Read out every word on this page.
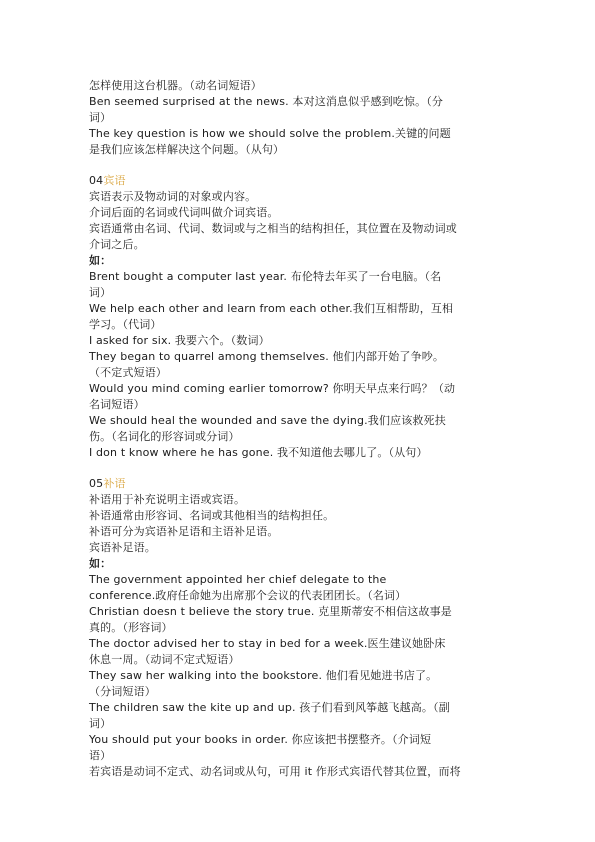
怎样使用这台机器。（动名词短语）
Ben seemed surprised at the news. 本对这消息似乎感到吃惊。（分
词）
The key question is how we should solve the problem.关键的问题
是我们应该怎样解决这个问题。（从句）
04宾语
宾语表示及物动词的对象或内容。
介词后面的名词或代词叫做介词宾语。
宾语通常由名词、代词、数词或与之相当的结构担任，其位置在及物动词或
介词之后。
如：
Brent bought a computer last year. 布伦特去年买了一台电脑。（名
词）
We help each other and learn from each other.我们互相帮助，互相
学习。（代词）
I asked for six. 我要六个。（数词）
They began to quarrel among themselves. 他们内部开始了争吵。
（不定式短语）
Would you mind coming earlier tomorrow? 你明天早点来行吗？（动
名词短语）
We should heal the wounded and save the dying.我们应该救死扶
伤。（名词化的形容词或分词）
I don t know where he has gone. 我不知道他去哪儿了。（从句）
05补语
补语用于补充说明主语或宾语。
补语通常由形容词、名词或其他相当的结构担任。
补语可分为宾语补足语和主语补足语。
宾语补足语。
如：
The government appointed her chief delegate to the
conference.政府任命她为出席那个会议的代表团团长。（名词）
Christian doesn t believe the story true. 克里斯蒂安不相信这故事是
真的。（形容词）
The doctor advised her to stay in bed for a week.医生建议她卧床
休息一周。（动词不定式短语）
They saw her walking into the bookstore. 他们看见她进书店了。
（分词短语）
The children saw the kite up and up. 孩子们看到风筝越飞越高。（副
词）
You should put your books in order. 你应该把书摆整齐。（介词短
语）
若宾语是动词不定式、动名词或从句，可用 it 作形式宾语代替其位置，而将
